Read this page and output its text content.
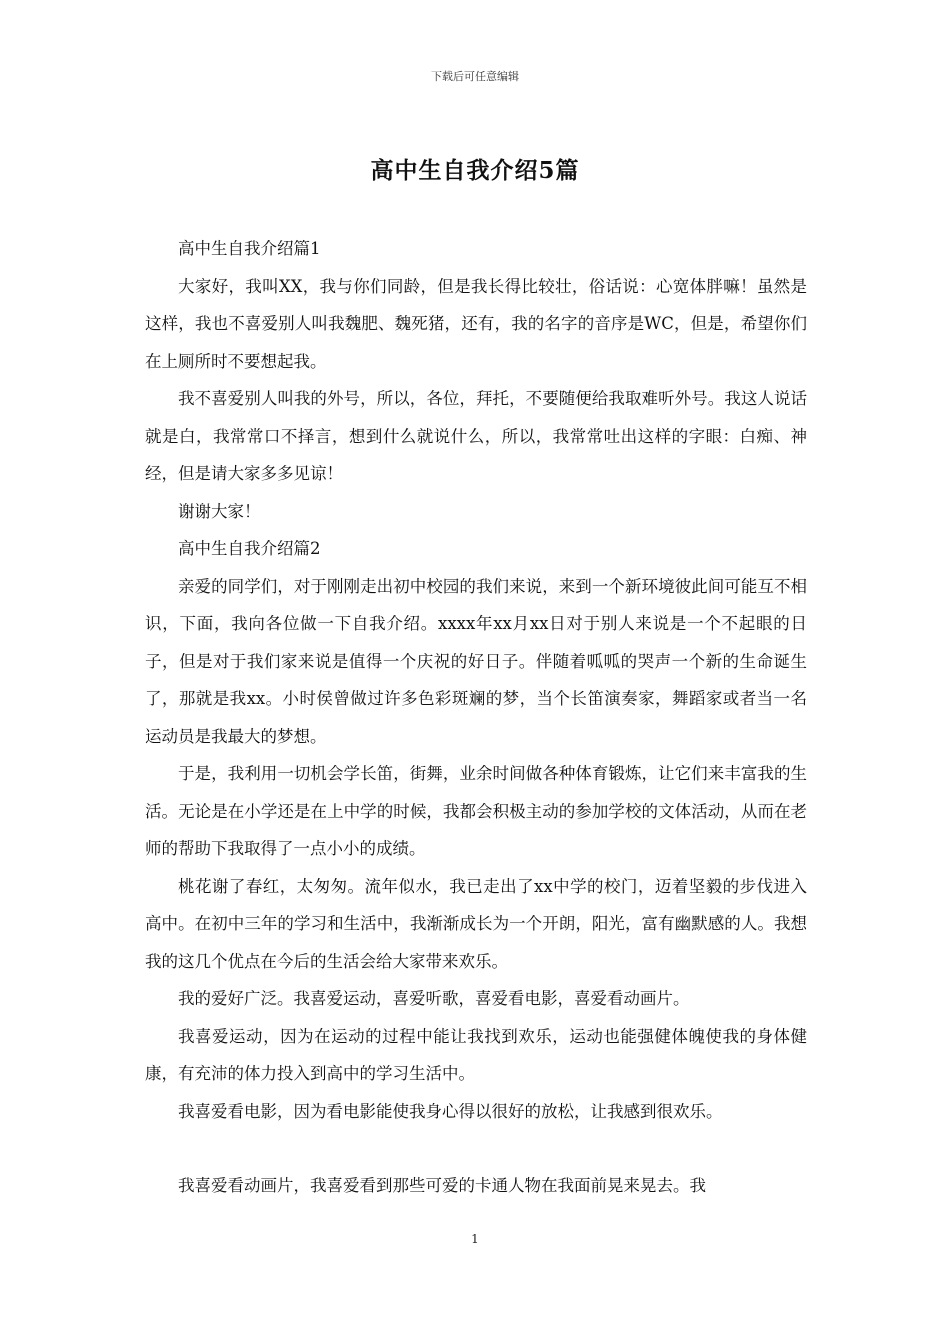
下载后可任意编辑
高中生自我介绍5篇

高中生自我介绍篇1

大家好，我叫XX，我与你们同龄，但是我长得比较壮，俗话说：心宽体胖嘛！虽然是这样，我也不喜爱别人叫我魏肥、魏死猪，还有，我的名字的音序是WC，但是，希望你们在上厕所时不要想起我。

我不喜爱别人叫我的外号，所以，各位，拜托，不要随便给我取难听外号。我这人说话就是白，我常常口不择言，想到什么就说什么，所以，我常常吐出这样的字眼：白痴、神经，但是请大家多多见谅！

谢谢大家！

高中生自我介绍篇2

亲爱的同学们，对于刚刚走出初中校园的我们来说，来到一个新环境彼此间可能互不相识，下面，我向各位做一下自我介绍。xxxx年xx月xx日对于别人来说是一个不起眼的日子，但是对于我们家来说是值得一个庆祝的好日子。伴随着呱呱的哭声一个新的生命诞生了，那就是我xx。小时侯曾做过许多色彩斑斓的梦，当个长笛演奏家，舞蹈家或者当一名运动员是我最大的梦想。

于是，我利用一切机会学长笛，街舞，业余时间做各种体育锻炼，让它们来丰富我的生活。无论是在小学还是在上中学的时候，我都会积极主动的参加学校的文体活动，从而在老师的帮助下我取得了一点小小的成绩。

桃花谢了春红，太匆匆。流年似水，我已走出了xx中学的校门，迈着坚毅的步伐进入高中。在初中三年的学习和生活中，我渐渐成长为一个开朗，阳光，富有幽默感的人。我想我的这几个优点在今后的生活会给大家带来欢乐。

我的爱好广泛。我喜爱运动，喜爱听歌，喜爱看电影，喜爱看动画片。

我喜爱运动，因为在运动的过程中能让我找到欢乐，运动也能强健体魄使我的身体健康，有充沛的体力投入到高中的学习生活中。

我喜爱看电影，因为看电影能使我身心得以很好的放松，让我感到很欢乐。

我喜爱看动画片，我喜爱看到那些可爱的卡通人物在我面前晃来晃去。我

1
